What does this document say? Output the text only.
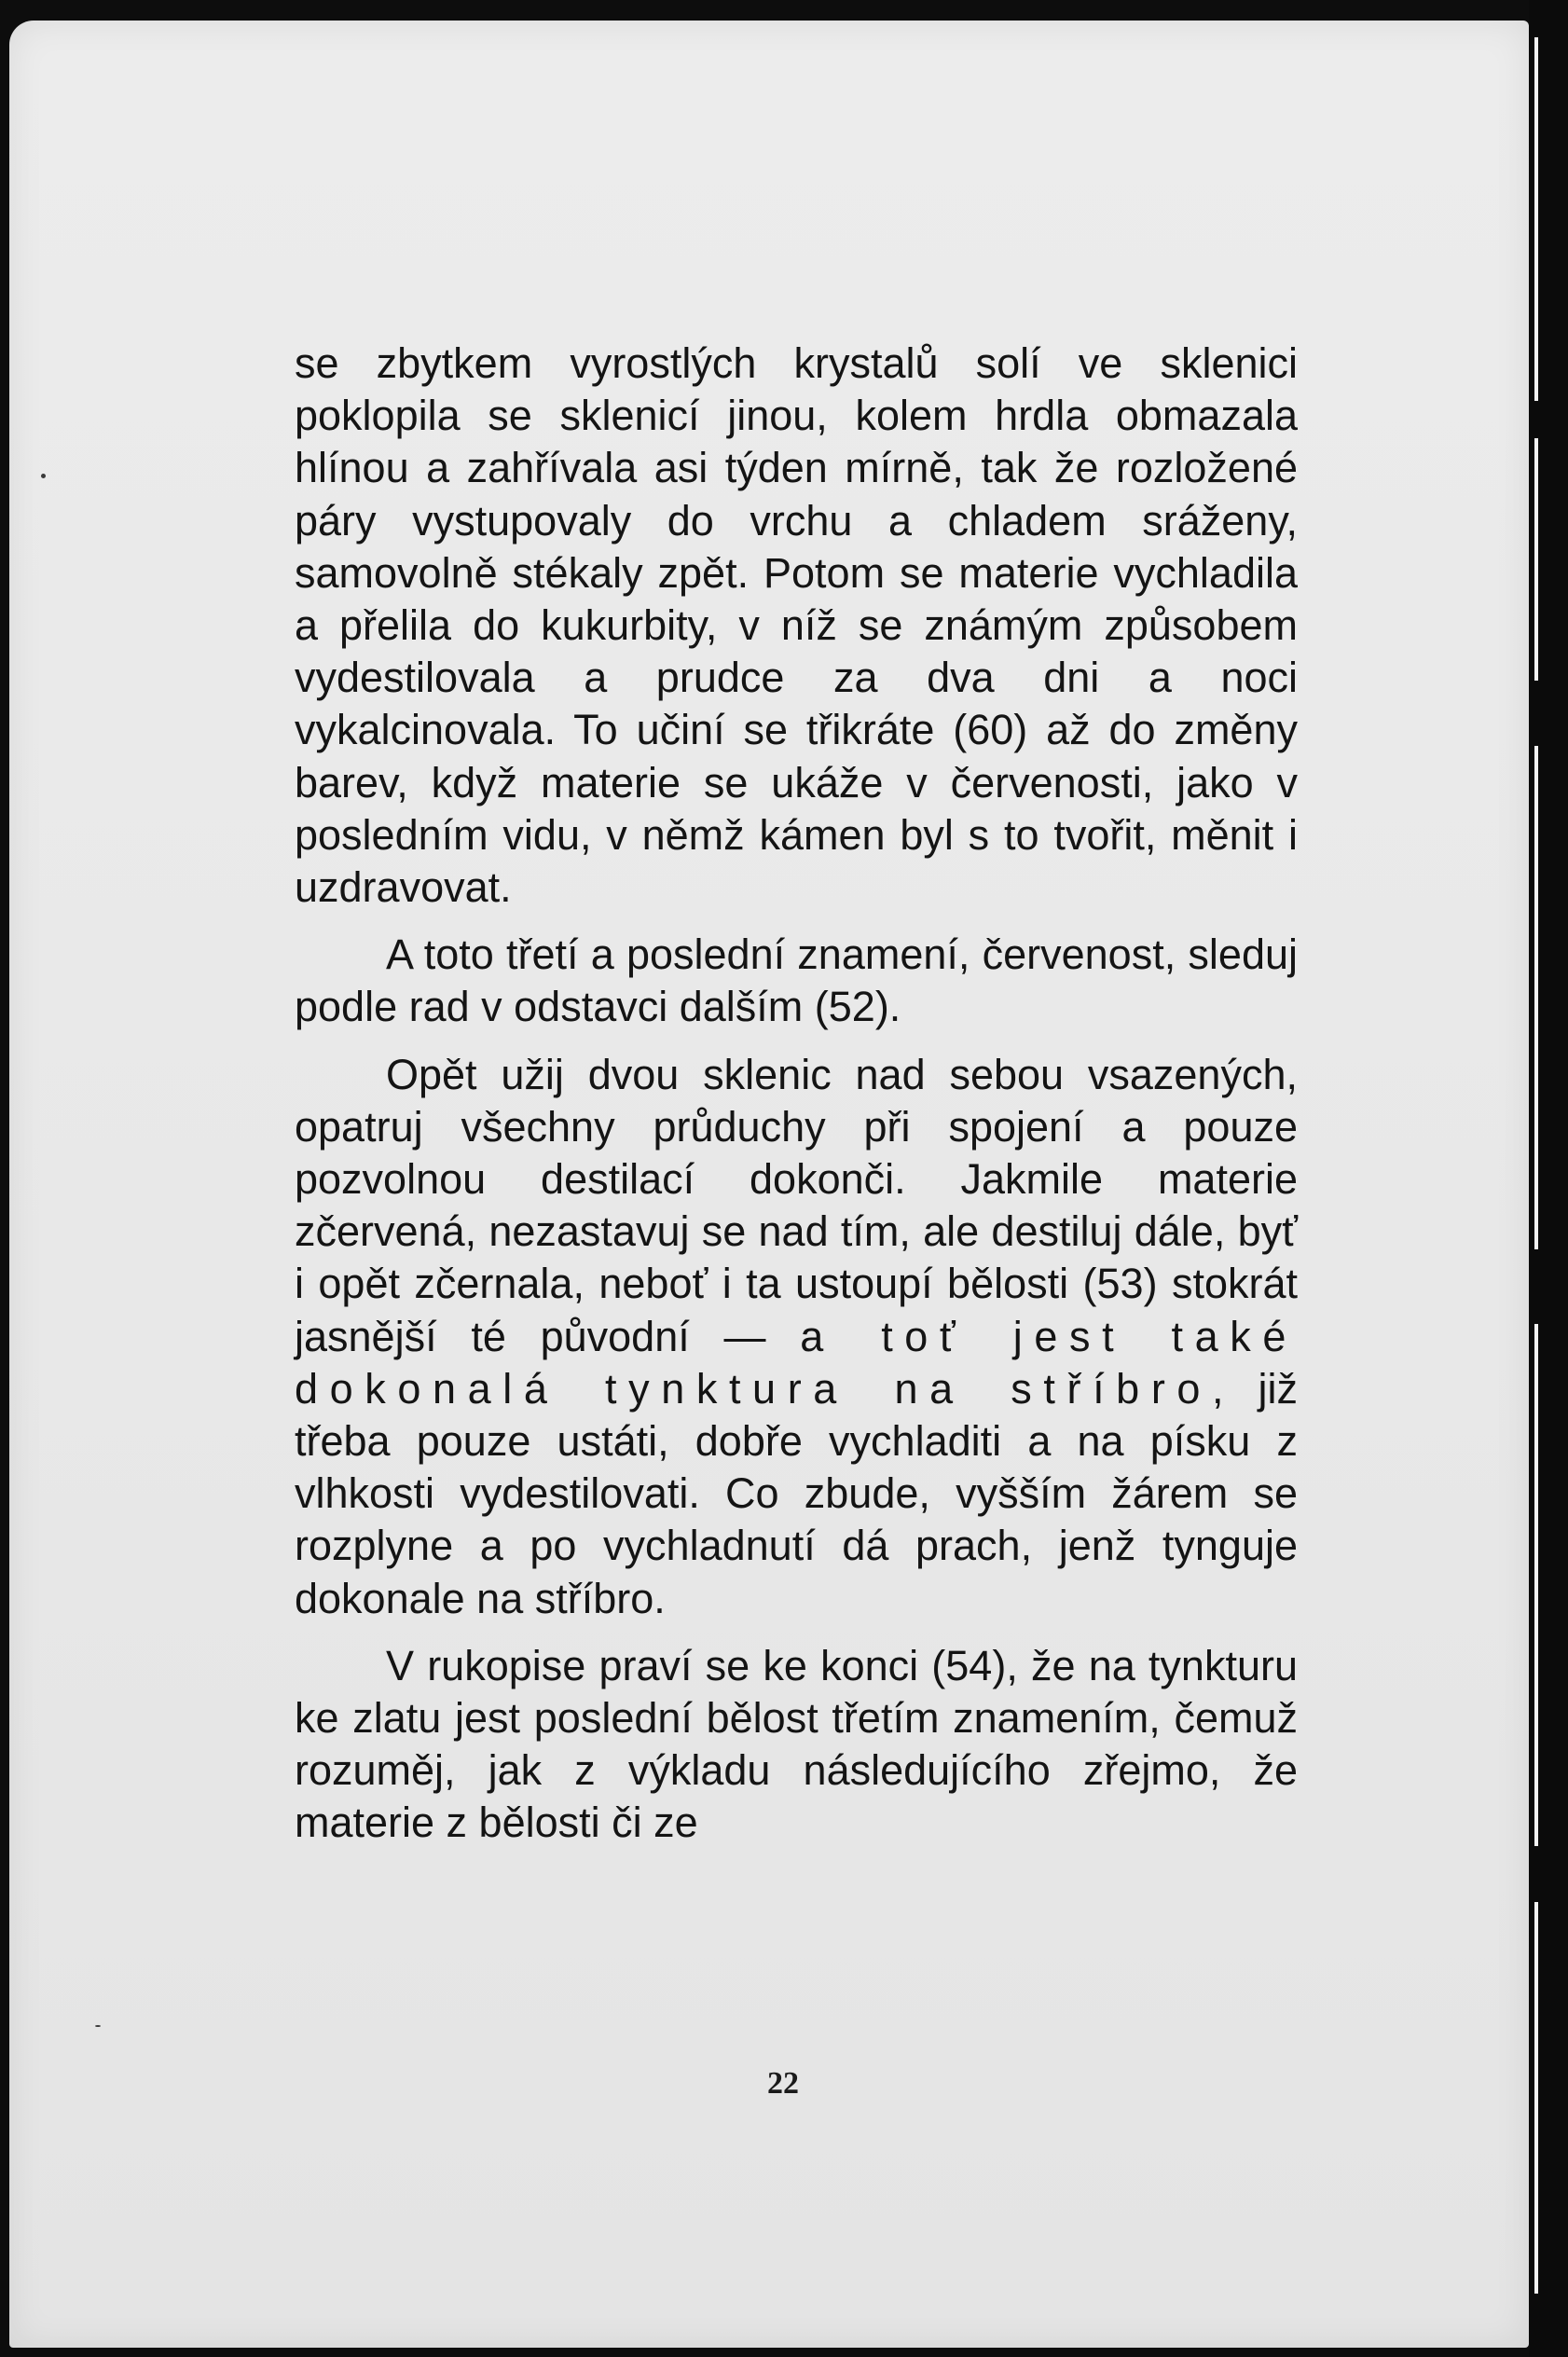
se zbytkem vyrostlých krystalů solí ve sklenici poklopila se sklenicí jinou, kolem hrdla obmazala hlínou a zahřívala asi týden mírně, tak že rozložené páry vystupovaly do vrchu a chladem sráženy, samovolně stékaly zpět. Potom se materie vychladila a přelila do kukurbity, v níž se známým způsobem vydestilovala a prudce za dva dni a noci vykalcinovala. To učiní se třikráte (60) až do změny barev, když materie se ukáže v červenosti, jako v posledním vidu, v němž kámen byl s to tvořit, měnit i uzdravovat.

A toto třetí a poslední znamení, červenost, sleduj podle rad v odstavci dalším (52).

Opět užij dvou sklenic nad sebou vsazených, opatruj všechny průduchy při spojení a pouze pozvolnou destilací dokonči. Jakmile materie zčervená, nezastavuj se nad tím, ale destiluj dále, byť i opět zčernala, neboť i ta ustoupí bělosti (53) stokrát jasnější té původní — a toť jest také dokonalá tynktura na stříbro, již třeba pouze ustáti, dobře vychladiti a na písku z vlhkosti vydestilovati. Co zbude, vyšším žárem se rozplyne a po vychladnutí dá prach, jenž tynguje dokonale na stříbro.

V rukopise praví se ke konci (54), že na tynkturu ke zlatu jest poslední bělost třetím znamením, čemuž rozuměj, jak z výkladu následujícího zřejmo, že materie z bělosti či ze

22
